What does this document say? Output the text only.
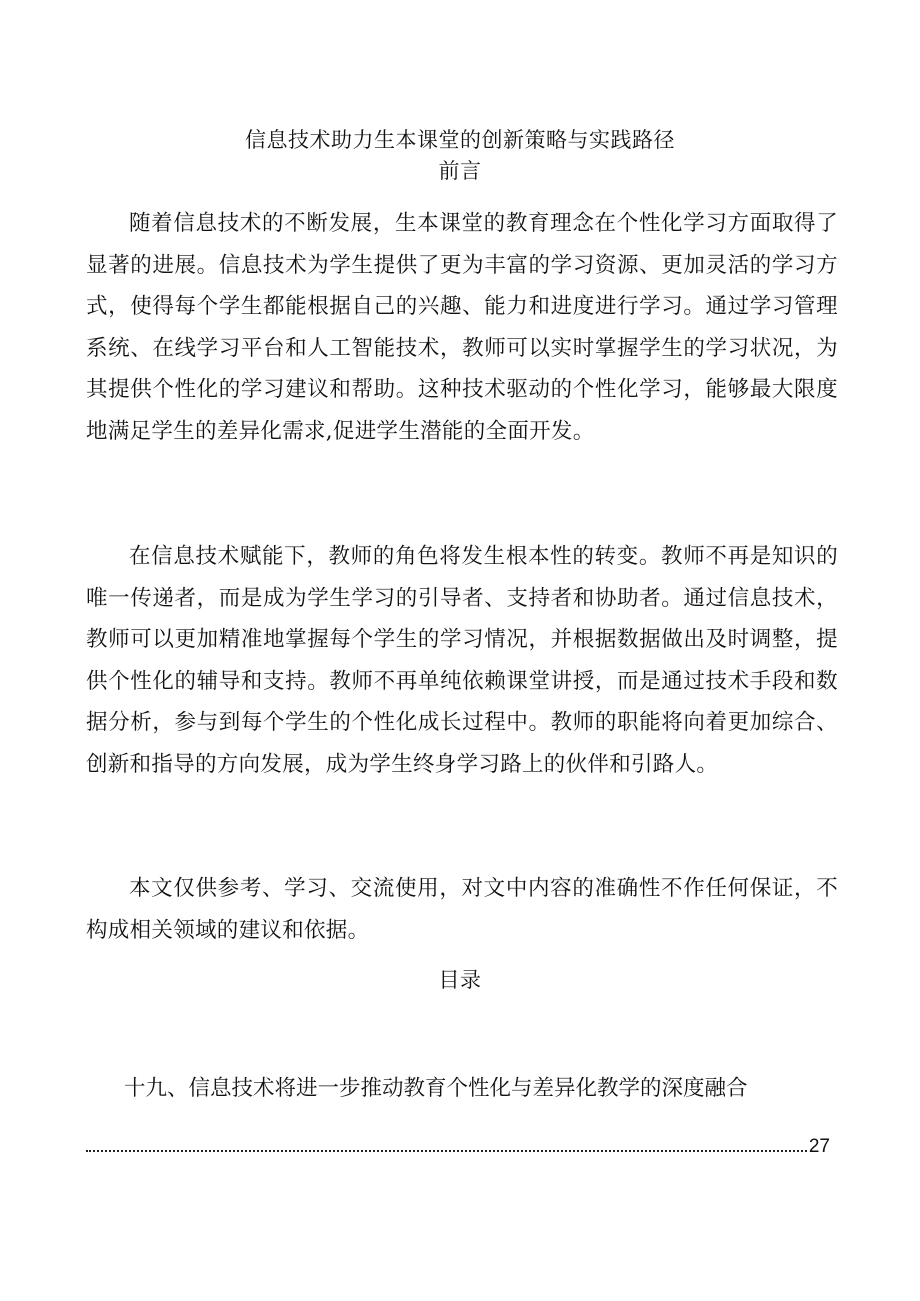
信息技术助力生本课堂的创新策略与实践路径
前言

随着信息技术的不断发展，生本课堂的教育理念在个性化学习方面取得了显著的进展。信息技术为学生提供了更为丰富的学习资源、更加灵活的学习方式，使得每个学生都能根据自己的兴趣、能力和进度进行学习。通过学习管理系统、在线学习平台和人工智能技术，教师可以实时掌握学生的学习状况，为其提供个性化的学习建议和帮助。这种技术驱动的个性化学习，能够最大限度地满足学生的差异化需求,促进学生潜能的全面开发。

在信息技术赋能下，教师的角色将发生根本性的转变。教师不再是知识的唯一传递者，而是成为学生学习的引导者、支持者和协助者。通过信息技术，教师可以更加精准地掌握每个学生的学习情况，并根据数据做出及时调整，提供个性化的辅导和支持。教师不再单纯依赖课堂讲授，而是通过技术手段和数据分析，参与到每个学生的个性化成长过程中。教师的职能将向着更加综合、创新和指导的方向发展，成为学生终身学习路上的伙伴和引路人。

本文仅供参考、学习、交流使用，对文中内容的准确性不作任何保证，不构成相关领域的建议和依据。

目录
十九、信息技术将进一步推动教育个性化与差异化教学的深度融合
27
